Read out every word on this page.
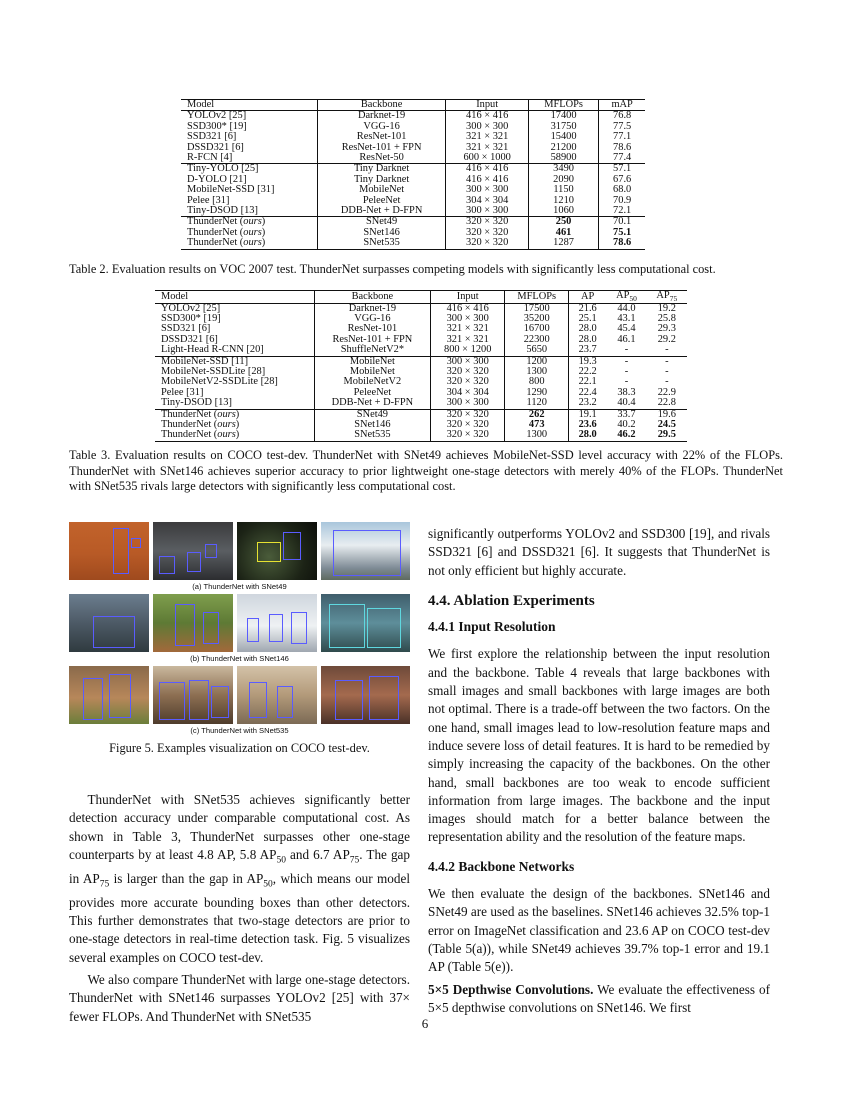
Model	Backbone	Input	MFLOPs	mAP
YOLOv2 [25]	Darknet-19	416 × 416	17400	76.8
SSD300* [19]	VGG-16	300 × 300	31750	77.5
SSD321 [6]	ResNet-101	321 × 321	15400	77.1
DSSD321 [6]	ResNet-101 + FPN	321 × 321	21200	78.6
R-FCN [4]	ResNet-50	600 × 1000	58900	77.4
Tiny-YOLO [25]	Tiny Darknet	416 × 416	3490	57.1
D-YOLO [21]	Tiny Darknet	416 × 416	2090	67.6
MobileNet-SSD [31]	MobileNet	300 × 300	1150	68.0
Pelee [31]	PeleeNet	304 × 304	1210	70.9
Tiny-DSOD [13]	DDB-Net + D-FPN	300 × 300	1060	72.1
ThunderNet (ours)	SNet49	320 × 320	250	70.1
ThunderNet (ours)	SNet146	320 × 320	461	75.1
ThunderNet (ours)	SNet535	320 × 320	1287	78.6
Table 2. Evaluation results on VOC 2007 test. ThunderNet surpasses competing models with significantly less computational cost.
Model	Backbone	Input	MFLOPs	AP	$AP_{50}$	$AP_{75}$
YOLOv2 [25]	Darknet-19	416 × 416	17500	21.6	44.0	19.2
SSD300* [19]	VGG-16	300 × 300	35200	25.1	43.1	25.8
SSD321 [6]	ResNet-101	321 × 321	16700	28.0	45.4	29.3
DSSD321 [6]	ResNet-101 + FPN	321 × 321	22300	28.0	46.1	29.2
Light-Head R-CNN [20]	ShuffleNetV2*	800 × 1200	5650	23.7	-	-
MobileNet-SSD [11]	MobileNet	300 × 300	1200	19.3	-	-
MobileNet-SSDLite [28]	MobileNet	320 × 320	1300	22.2	-	-
MobileNetV2-SSDLite [28]	MobileNetV2	320 × 320	800	22.1	-	-
Pelee [31]	PeleeNet	304 × 304	1290	22.4	38.3	22.9
Tiny-DSOD [13]	DDB-Net + D-FPN	300 × 300	1120	23.2	40.4	22.8
ThunderNet (ours)	SNet49	320 × 320	262	19.1	33.7	19.6
ThunderNet (ours)	SNet146	320 × 320	473	23.6	40.2	24.5
ThunderNet (ours)	SNet535	320 × 320	1300	28.0	46.2	29.5
Table 3. Evaluation results on COCO test-dev. ThunderNet with SNet49 achieves MobileNet-SSD level accuracy with 22% of the FLOPs. ThunderNet with SNet146 achieves superior accuracy to prior lightweight one-stage detectors with merely 40% of the FLOPs. ThunderNet with SNet535 rivals large detectors with significantly less computational cost.
(a) ThunderNet with SNet49
(b) ThunderNet with SNet146
(c) ThunderNet with SNet535
Figure 5. Examples visualization on COCO test-dev.

ThunderNet with SNet535 achieves significantly better detection accuracy under comparable computational cost. As shown in Table 3, ThunderNet surpasses other one-stage counterparts by at least 4.8 AP, 5.8 $AP_{50}$ and 6.7 $AP_{75}$. The gap in $AP_{75}$ is larger than the gap in $AP_{50}$, which means our model provides more accurate bounding boxes than other detectors. This further demonstrates that two-stage detectors are prior to one-stage detectors in real-time detection task. Fig. 5 visualizes several examples on COCO test-dev.

We also compare ThunderNet with large one-stage detectors. ThunderNet with SNet146 surpasses YOLOv2 [25] with 37× fewer FLOPs. And ThunderNet with SNet535

significantly outperforms YOLOv2 and SSD300 [19], and rivals SSD321 [6] and DSSD321 [6]. It suggests that ThunderNet is not only efficient but highly accurate.

4.4. Ablation Experiments
4.4.1 Input Resolution

We first explore the relationship between the input resolution and the backbone. Table 4 reveals that large backbones with small images and small backbones with large images are both not optimal. There is a trade-off between the two factors. On the one hand, small images lead to low-resolution feature maps and induce severe loss of detail features. It is hard to be remedied by simply increasing the capacity of the backbones. On the other hand, small backbones are too weak to encode sufficient information from large images. The backbone and the input images should match for a better balance between the representation ability and the resolution of the feature maps.

4.4.2 Backbone Networks

We then evaluate the design of the backbones. SNet146 and SNet49 are used as the baselines. SNet146 achieves 32.5% top-1 error on ImageNet classification and 23.6 AP on COCO test-dev (Table 5(a)), while SNet49 achieves 39.7% top-1 error and 19.1 AP (Table 5(e)).

5×5 Depthwise Convolutions. We evaluate the effectiveness of 5×5 depthwise convolutions on SNet146. We first

6
